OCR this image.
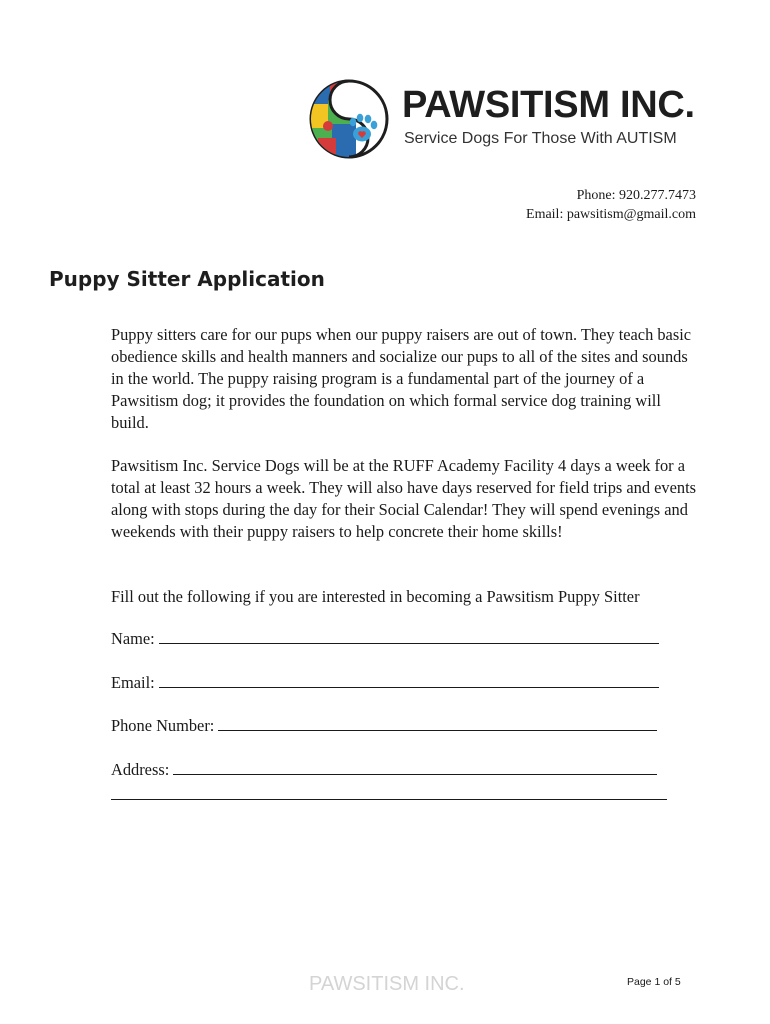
PAWSITISM INC.
Service Dogs For Those With AUTISM
Phone: 920.277.7473
Email: pawsitism@gmail.com
Puppy Sitter Application
Puppy sitters care for our pups when our puppy raisers are out of town. They teach basic obedience skills and health manners and socialize our pups to all of the sites and sounds in the world. The puppy raising program is a fundamental part of the journey of a Pawsitism dog; it provides the foundation on which formal service dog training will build.
Pawsitism Inc. Service Dogs will be at the RUFF Academy Facility 4 days a week for a total at least 32 hours a week. They will also have days reserved for field trips and events along with stops during the day for their Social Calendar! They will spend evenings and weekends with their puppy raisers to help concrete their home skills!
Fill out the following if you are interested in becoming a Pawsitism Puppy Sitter
Name:
Email:
Phone Number:
Address:
PAWSITISM INC.	Page 1 of 5
